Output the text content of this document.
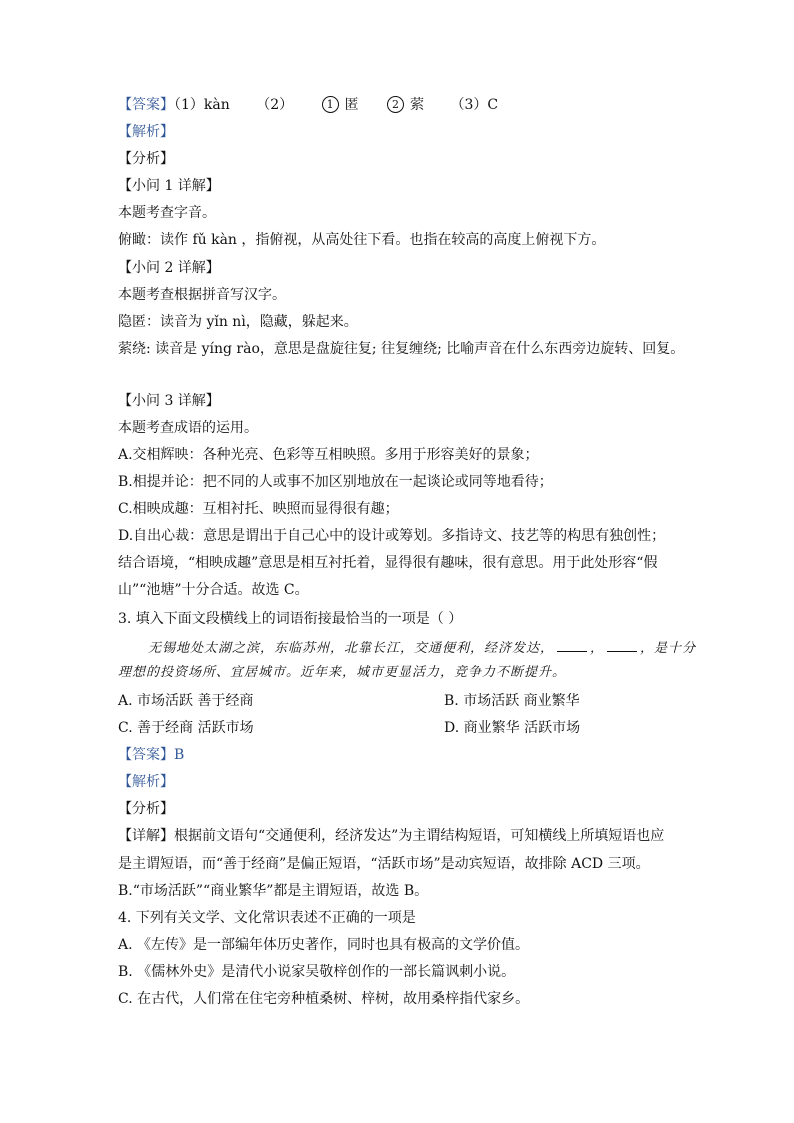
【答案】（1）kàn （2）	1 匿	2 萦 （3）C
【解析】
【分析】
【小问 1 详解】
本题考查字音。
俯瞰：读作 fǔ kàn ，指俯视，从高处往下看。也指在较高的高度上俯视下方。
【小问 2 详解】
本题考查根据拼音写汉字。
隐匿：读音为 yǐn nì，隐藏，躲起来。
萦绕: 读音是 yíng rào，意思是盘旋往复; 往复缠绕; 比喻声音在什么东西旁边旋转、回复。
【小问 3 详解】
本题考查成语的运用。
A.交相辉映：各种光亮、色彩等互相映照。多用于形容美好的景象；
B.相提并论：把不同的人或事不加区别地放在一起谈论或同等地看待；
C.相映成趣：互相衬托、映照而显得很有趣；
D.自出心裁：意思是谓出于自己心中的设计或筹划。多指诗文、技艺等的构思有独创性；
结合语境，“相映成趣”意思是相互衬托着，显得很有趣味，很有意思。用于此处形容“假
山”“池塘”十分合适。故选 C。
3. 填入下面文段横线上的词语衔接最恰当的一项是（ ）
无锡地处太湖之滨，东临苏州，北靠长江，交通便利，经济发达，	，	，是十分
理想的投资场所、宜居城市。近年来，城市更显活力，竞争力不断提升。
A. 市场活跃 善于经商	B. 市场活跃 商业繁华
C. 善于经商 活跃市场	D. 商业繁华 活跃市场
【答案】B
【解析】
【分析】
【详解】根据前文语句“交通便利，经济发达”为主谓结构短语，可知横线上所填短语也应
是主谓短语，而“善于经商”是偏正短语，“活跃市场”是动宾短语，故排除 ACD 三项。
B.“市场活跃”“商业繁华”都是主谓短语，故选 B。
4. 下列有关文学、文化常识表述不正确的一项是
A. 《左传》是一部编年体历史著作，同时也具有极高的文学价值。
B. 《儒林外史》是清代小说家吴敬梓创作的一部长篇讽刺小说。
C. 在古代，人们常在住宅旁种植桑树、梓树，故用桑梓指代家乡。
